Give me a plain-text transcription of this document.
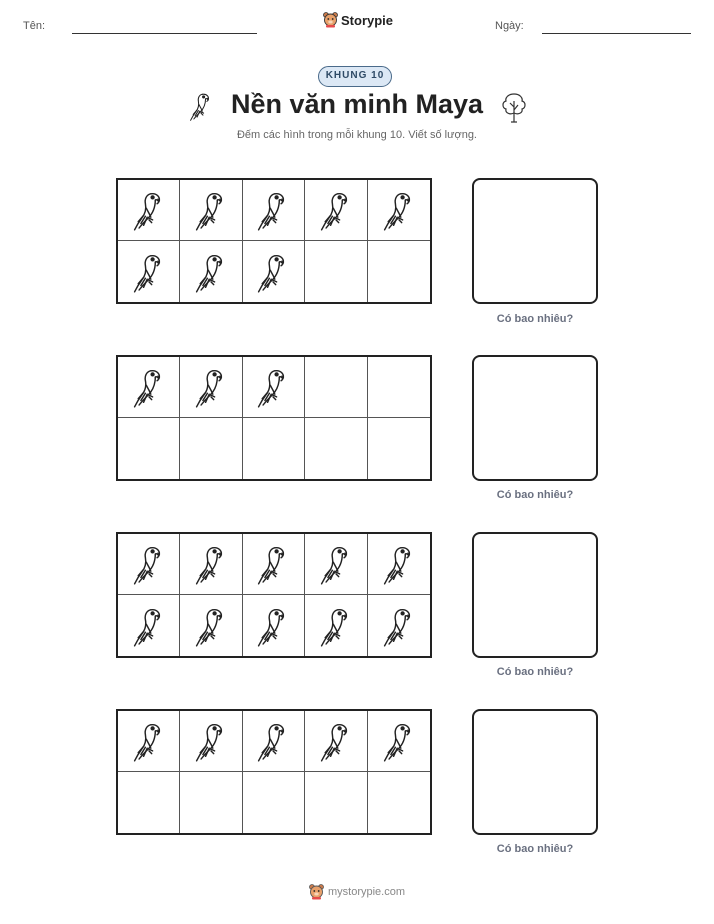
Tên:	Ngày:
Storypie
KHUNG 10
Nền văn minh Maya
Đếm các hình trong mỗi khung 10. Viết số lượng.
Có bao nhiêu?
Có bao nhiêu?
Có bao nhiêu?
Có bao nhiêu?
mystorypie.com
